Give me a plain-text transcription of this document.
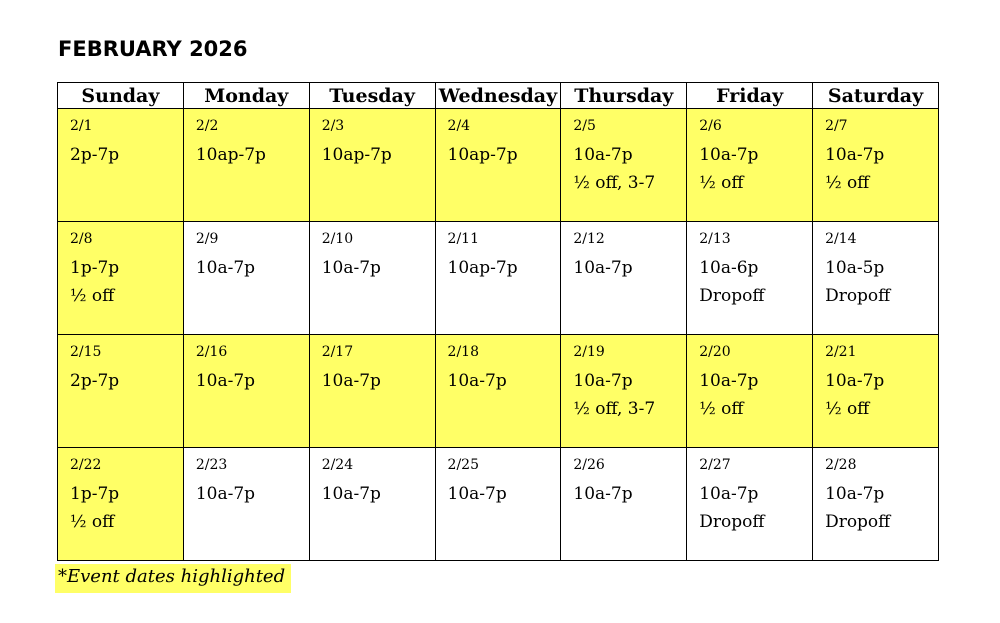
FEBRUARY 2026
Sunday	Monday	Tuesday	Wednesday	Thursday	Friday	Saturday

2/1
2p-7p	2/2
10ap-7p	2/3
10ap-7p	2/4
10ap-7p	2/5
10a-7p
½ off, 3-7	2/6
10a-7p
½ off	2/7
10a-7p
½ off

2/8
1p-7p
½ off	2/9
10a-7p	2/10
10a-7p	2/11
10ap-7p	2/12
10a-7p	2/13
10a-6p
Dropoff	2/14
10a-5p
Dropoff

2/15
2p-7p	2/16
10a-7p	2/17
10a-7p	2/18
10a-7p	2/19
10a-7p
½ off, 3-7	2/20
10a-7p
½ off	2/21
10a-7p
½ off

2/22
1p-7p
½ off	2/23
10a-7p	2/24
10a-7p	2/25
10a-7p	2/26
10a-7p	2/27
10a-7p
Dropoff	2/28
10a-7p
Dropoff
*Event dates highlighted
